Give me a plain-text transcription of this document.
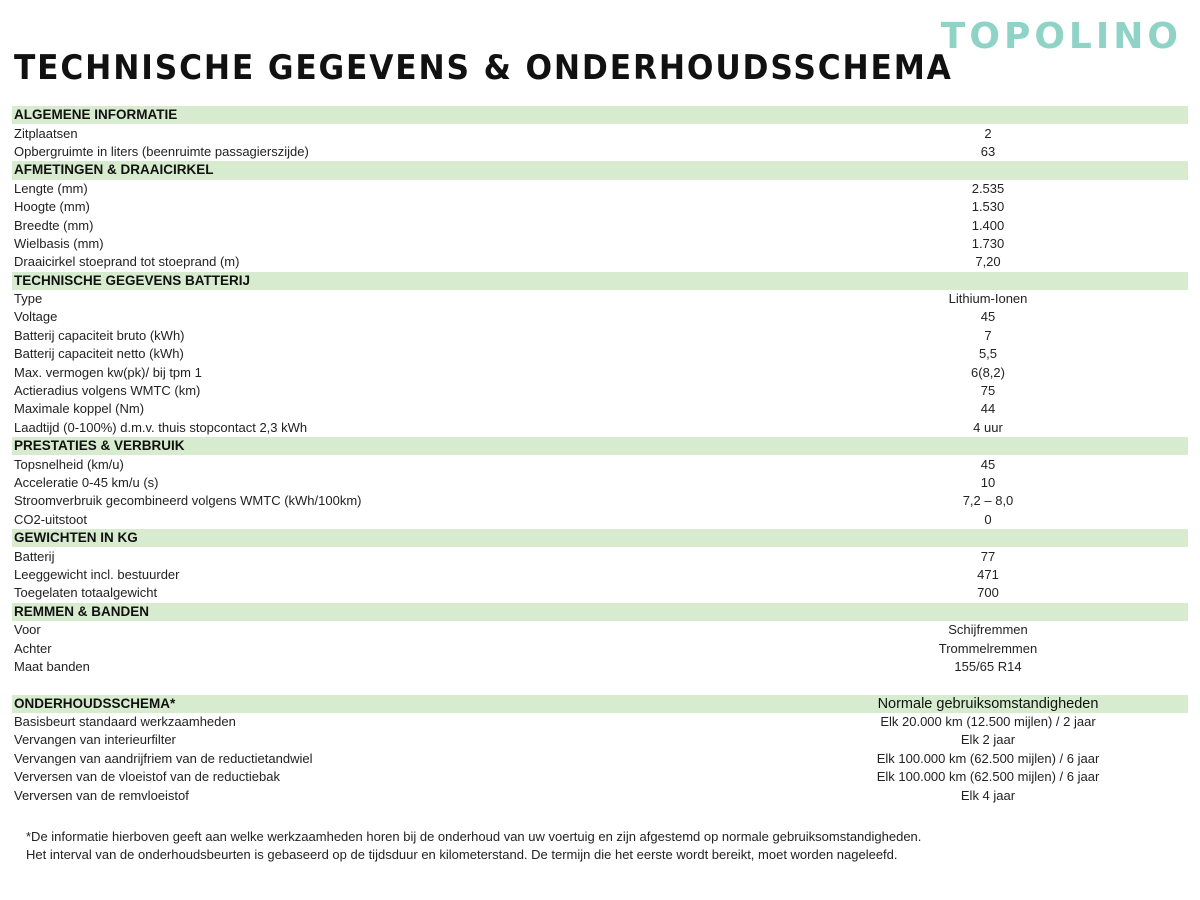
TOPOLINO
TECHNISCHE GEGEVENS & ONDERHOUDSSCHEMA
ALGEMENE INFORMATIE	
Zitplaatsen	2
Opbergruimte in liters (beenruimte passagierszijde)	63
AFMETINGEN & DRAAICIRKEL	
Lengte (mm)	2.535
Hoogte (mm)	1.530
Breedte (mm)	1.400
Wielbasis (mm)	1.730
Draaicirkel stoeprand tot stoeprand (m)	7,20
TECHNISCHE GEGEVENS BATTERIJ	
Type	Lithium-Ionen
Voltage	45
Batterij capaciteit bruto (kWh)	7
Batterij capaciteit netto (kWh)	5,5
Max. vermogen kw(pk)/ bij tpm 1	6(8,2)
Actieradius volgens WMTC (km)	75
Maximale koppel (Nm)	44
Laadtijd (0-100%) d.m.v. thuis stopcontact 2,3 kWh	4 uur
PRESTATIES & VERBRUIK	
Topsnelheid (km/u)	45
Acceleratie 0-45 km/u (s)	10
Stroomverbruik gecombineerd volgens WMTC (kWh/100km)	7,2 – 8,0
CO2-uitstoot	0
GEWICHTEN IN KG	
Batterij	77
Leeggewicht incl. bestuurder	471
Toegelaten totaalgewicht	700
REMMEN & BANDEN	
Voor	Schijfremmen
Achter	Trommelremmen
Maat banden	155/65 R14

ONDERHOUDSSCHEMA*	Normale gebruiksomstandigheden
Basisbeurt standaard werkzaamheden	Elk 20.000 km (12.500 mijlen) / 2 jaar
Vervangen van interieurfilter	Elk 2 jaar
Vervangen van aandrijfriem van de reductietandwiel	Elk 100.000 km (62.500 mijlen) / 6 jaar
Verversen van de vloeistof van de reductiebak	Elk 100.000 km (62.500 mijlen) / 6 jaar
Verversen van de remvloeistof	Elk 4 jaar
*De informatie hierboven geeft aan welke werkzaamheden horen bij de onderhoud van uw voertuig en zijn afgestemd op normale gebruiksomstandigheden.
Het interval van de onderhoudsbeurten is gebaseerd op de tijdsduur en kilometerstand. De termijn die het eerste wordt bereikt, moet worden nageleefd.
